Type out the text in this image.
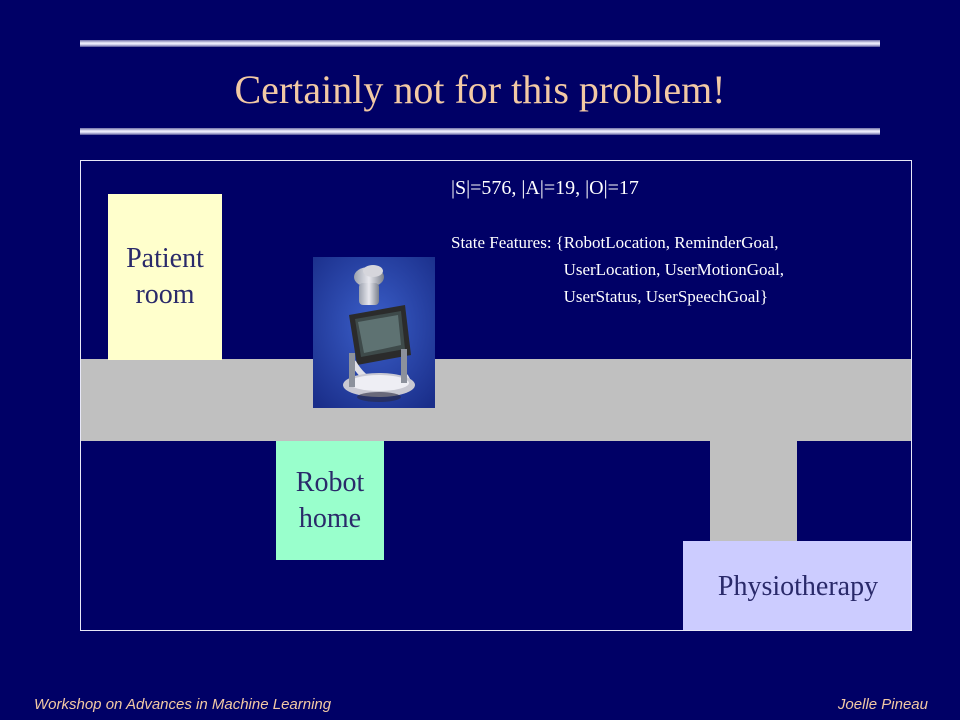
Certainly not for this problem!
Patient
room
Robot
home
Physiotherapy
|S|=576, |A|=19, |O|=17
State Features: {RobotLocation, ReminderGoal,
UserLocation, UserMotionGoal,
UserStatus, UserSpeechGoal}
Workshop on Advances in Machine Learning	Joelle Pineau
